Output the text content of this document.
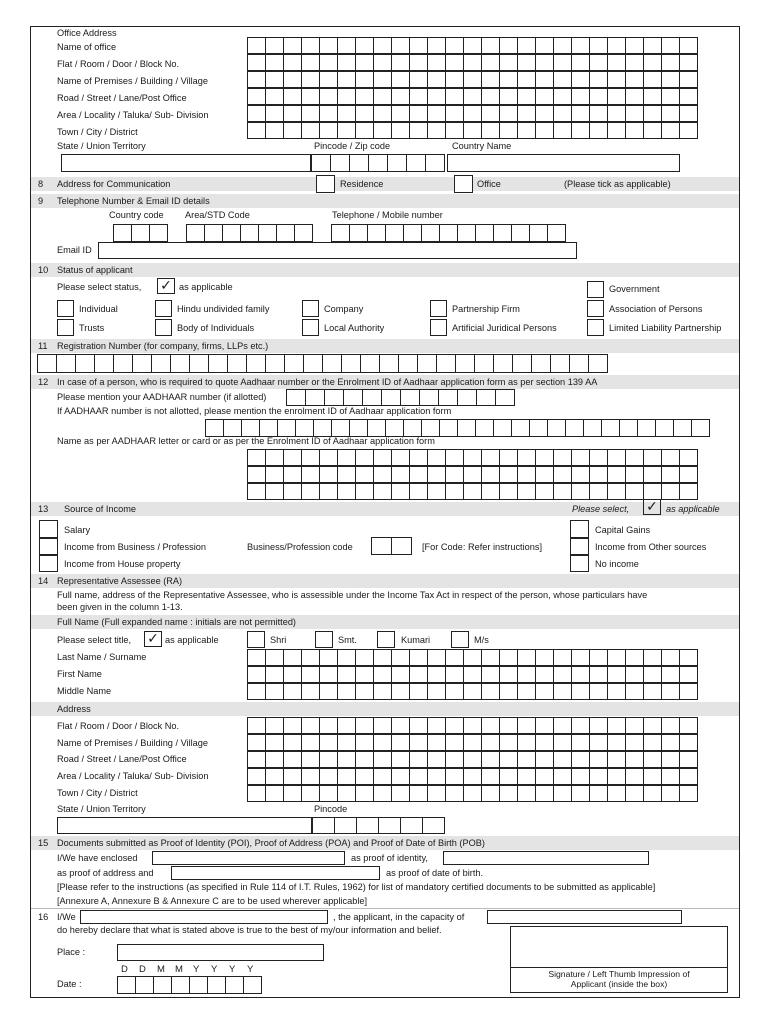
Office Address
Name of office
Flat / Room / Door / Block No.
Name of Premises / Building / Village
Road / Street / Lane/Post Office
Area / Locality / Taluka/ Sub- Division
Town / City / District
State / Union Territory	Pincode / Zip code	Country Name
8 Address for Communication	Residence	Office	(Please tick as applicable)
9 Telephone Number & Email ID details
Country code Area/STD Code	Telephone / Mobile number
Email ID
10 Status of applicant
Please select status, ✓ as applicable	Government
Individual	Hindu undivided family	Company	Partnership Firm	Association of Persons
Trusts	Body of Individuals	Local Authority	Artificial Juridical Persons	Limited Liability Partnership
11 Registration Number (for company, firms, LLPs etc.)
12 In case of a person, who is required to quote Aadhaar number or the Enrolment ID of Aadhaar application form as per section 139 AA
Please mention your AADHAAR number (if allotted)
If AADHAAR number is not allotted, please mention the enrolment ID of Aadhaar application form
Name as per AADHAAR letter or card or as per the Enrolment ID of Aadhaar application form
13 Source of Income	Please select, ✓ as applicable
Salary
Income from Business / Profession
Income from House property
Business/Profession code	[For Code: Refer instructions]
Capital Gains
Income from Other sources
No income
14 Representative Assessee (RA)
Full name, address of the Representative Assessee, who is assessible under the Income Tax Act in respect of the person, whose particulars have
been given in the column 1-13.
Full Name (Full expanded name : initials are not permitted)
Please select title, ✓ as applicable	Shri	Smt.	Kumari	M/s
Last Name / Surname
First Name
Middle Name
Address
Flat / Room / Door / Block No.
Name of Premises / Building / Village
Road / Street / Lane/Post Office
Area / Locality / Taluka/ Sub- Division
Town / City / District
State / Union Territory	Pincode
15 Documents submitted as Proof of Identity (POI), Proof of Address (POA) and Proof of Date of Birth (POB)
I/We have enclosed	as proof of identity,
as proof of address and	as proof of date of birth.
[Please refer to the instructions (as specified in Rule 114 of I.T. Rules, 1962) for list of mandatory certified documents to be submitted as applicable]
[Annexure A, Annexure B & Annexure C are to be used wherever applicable]
16 I/We	, the applicant, in the capacity of
do hereby declare that what is stated above is true to the best of my/our information and belief.
Place :
D D M M Y Y Y Y
Date :
Signature / Left Thumb Impression of
Applicant (inside the box)
